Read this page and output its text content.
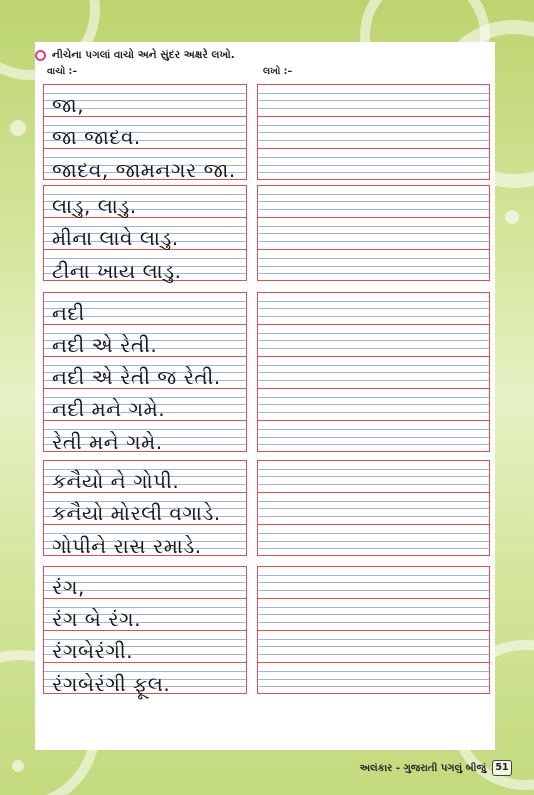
નીચેના પગલાં વાચો અને સુંદર અક્ષરે લખો.
વાચો :–	લખો :–
જા,
જા જાદવ.
જાદવ, જામનગર જા.
લાડુ, લાડુ.
મીના લાવે લાડુ.
ટીના ખાય લાડુ.
નદી
નદી એ રેતી.
નદી એ રેતી જ રેતી.
નદી મને ગમે.
રેતી મને ગમે.
કનૈયો ને ગોપી.
કનૈયો મોરલી વગાડે.
ગોપીને રાસ રમાડે.
રંગ,
રંગ બે રંગ.
રંગબેરંગી.
રંગબેરંગી ફૂલ.
અલંકાર - ગુજરાતી પગલું બીજું 51
